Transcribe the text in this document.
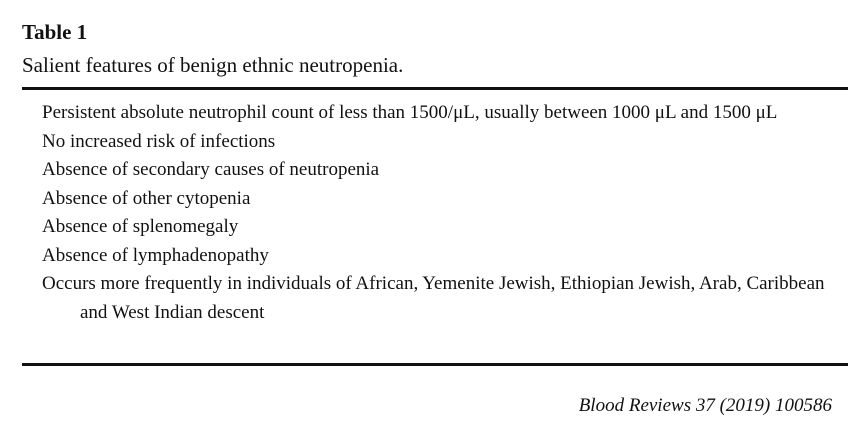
Table 1
Salient features of benign ethnic neutropenia.
Persistent absolute neutrophil count of less than 1500/μL, usually between 1000 μL and 1500 μL
No increased risk of infections
Absence of secondary causes of neutropenia
Absence of other cytopenia
Absence of splenomegaly
Absence of lymphadenopathy
Occurs more frequently in individuals of African, Yemenite Jewish, Ethiopian Jewish, Arab, Caribbean and West Indian descent
Blood Reviews 37 (2019) 100586
